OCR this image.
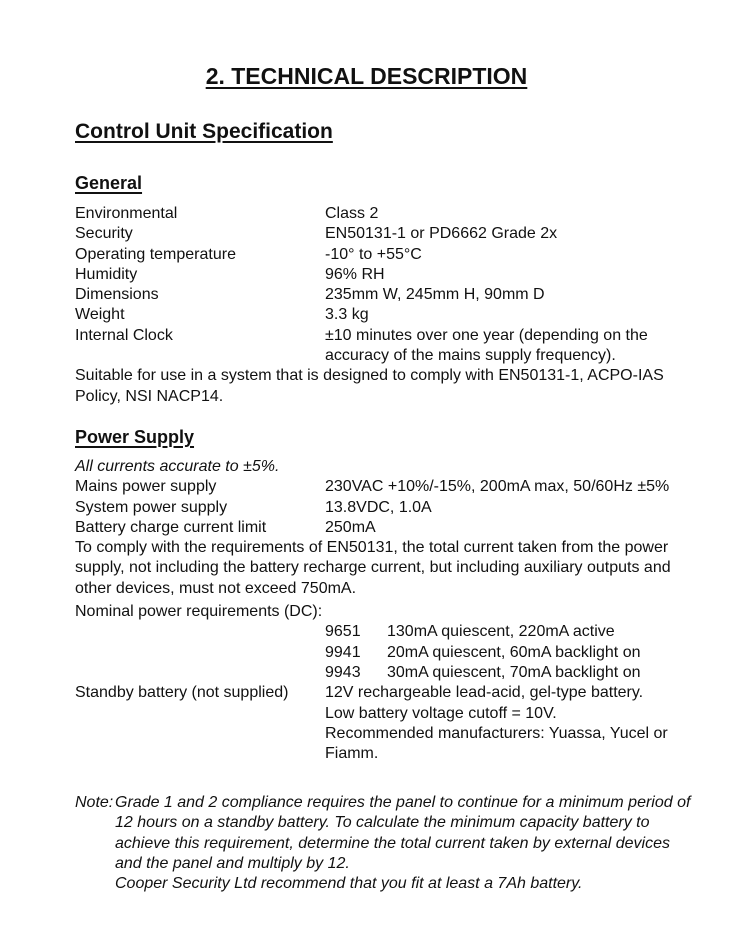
2. TECHNICAL DESCRIPTION
Control Unit Specification
General
Environmental	Class 2
Security	EN50131-1 or PD6662 Grade 2x
Operating temperature	-10° to +55°C
Humidity	96% RH
Dimensions	235mm W, 245mm H, 90mm D
Weight	3.3 kg
Internal Clock	±10 minutes over one year (depending on the accuracy of the mains supply frequency).
Suitable for use in a system that is designed to comply with EN50131-1, ACPO-IAS Policy, NSI NACP14.
Power Supply
All currents accurate to ±5%.
Mains power supply	230VAC +10%/-15%, 200mA max, 50/60Hz ±5%
System power supply	13.8VDC, 1.0A
Battery charge current limit	250mA
To comply with the requirements of EN50131, the total current taken from the power supply, not including the battery recharge current, but including auxiliary outputs and other devices, must not exceed 750mA.
Nominal power requirements (DC):
9651 130mA quiescent, 220mA active
9941 20mA quiescent, 60mA backlight on
9943 30mA quiescent, 70mA backlight on
Standby battery (not supplied)	12V rechargeable lead-acid, gel-type battery.
Low battery voltage cutoff = 10V.
Recommended manufacturers: Yuassa, Yucel or Fiamm.
Note: Grade 1 and 2 compliance requires the panel to continue for a minimum period of 12 hours on a standby battery. To calculate the minimum capacity battery to achieve this requirement, determine the total current taken by external devices and the panel and multiply by 12.
Cooper Security Ltd recommend that you fit at least a 7Ah battery.
